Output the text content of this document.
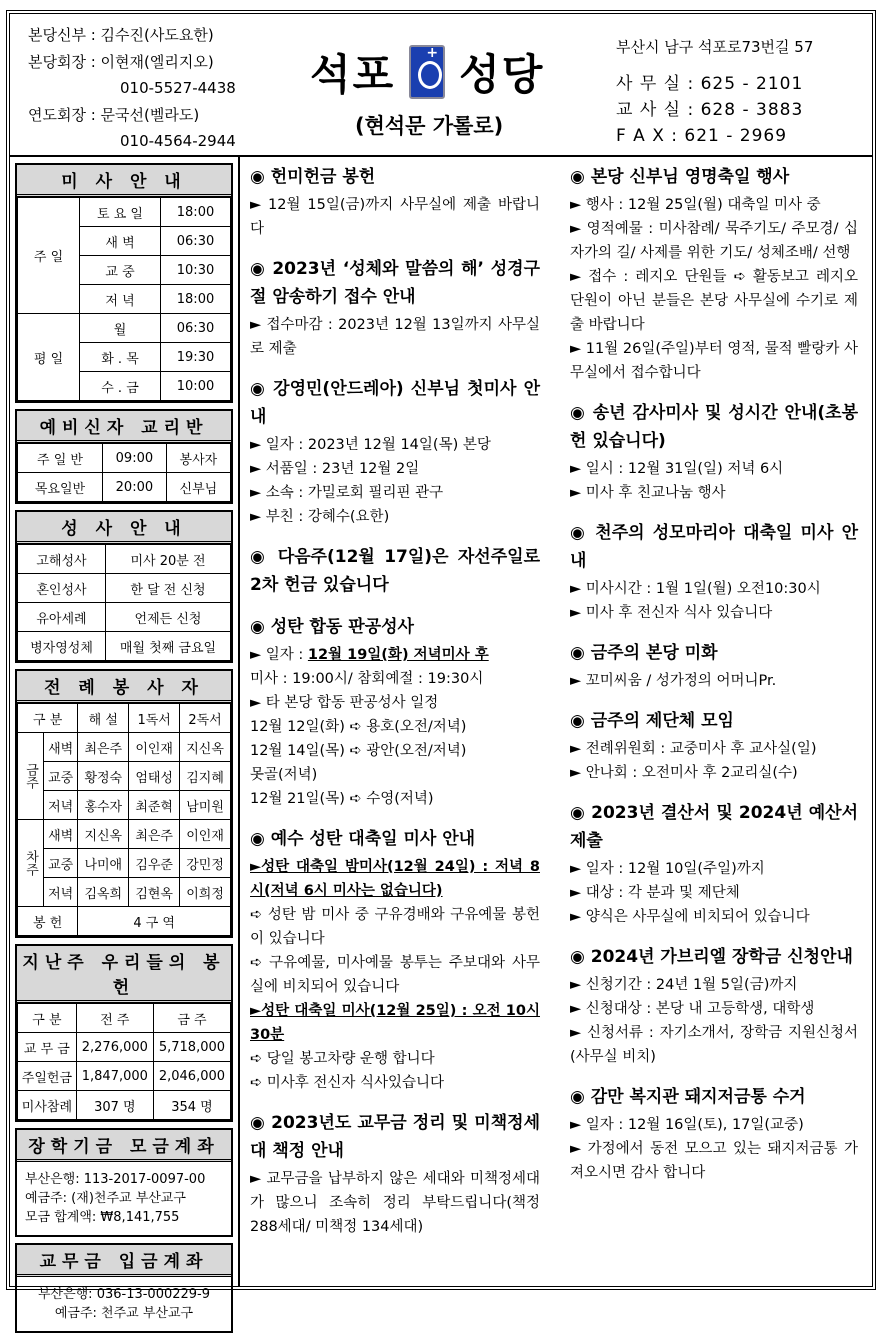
본당신부 : 김수진(사도요한)
본당회장 : 이현재(엘리지오)
010-5527-4438
연도회장 : 문국선(벨라도)
010-4564-2944
석포 + 성당
(현석문 가롤로)
부산시 남구 석포로73번길 57
사 무 실 : 625 - 2101
교 사 실 : 628 - 3883
F A X : 621 - 2969
미 사 안 내
주 일	토 요 일	18:00
	새 벽	06:30
	교 중	10:30
	저 녁	18:00
평 일	월	06:30
	화 . 목	19:30
	수 . 금	10:00
예비신자 교리반
주 일 반	09:00	봉사자
목요일반	20:00	신부님
성 사 안 내
고해성사	미사 20분 전
혼인성사	한 달 전 신청
유아세례	언제든 신청
병자영성체	매월 첫째 금요일
전 례 봉 사 자
구 분		해 설	1독서	2독서
금주	새벽	최은주	이인재	지신옥
	교중	황정숙	엄태성	김지혜
	저녁	홍수자	최준혁	남미원
차주	새벽	지신옥	최은주	이인재
	교중	나미애	김우준	강민정
	저녁	김옥희	김현옥	이희정
봉 헌		4 구 역		
지난주 우리들의 봉헌
구 분	전 주	금 주
교 무 금	2,276,000	5,718,000
주일헌금	1,847,000	2,046,000
미사참례	307 명	354 명
장학기금 모금계좌
부산은행: 113-2017-0097-00
예금주: (재)천주교 부산교구
모금 합계액: ₩8,141,755
교무금 입금계좌
부산은행: 036-13-000229-9
예금주: 천주교 부산교구
◉ 헌미헌금 봉헌
► 12월 15일(금)까지 사무실에 제출 바랍니다
◉ 2023년 ‘성체와 말씀의 해’ 성경구절 암송하기 접수 안내
► 접수마감 : 2023년 12월 13일까지 사무실로 제출
◉ 강영민(안드레아) 신부님 첫미사 안내
► 일자 : 2023년 12월 14일(목) 본당
► 서품일 : 23년 12월 2일
► 소속 : 가밀로회 필리핀 관구
► 부친 : 강혜수(요한)
◉ 다음주(12월 17일)은 자선주일로 2차 헌금 있습니다
◉ 성탄 합동 판공성사
► 일자 : 12월 19일(화) 저녁미사 후
미사 : 19:00시/ 참회예절 : 19:30시
► 타 본당 합동 판공성사 일정
12월 12일(화) ➪ 용호(오전/저녁)
12월 14일(목) ➪ 광안(오전/저녁)
못골(저녁)
12월 21일(목) ➪ 수영(저녁)
◉ 예수 성탄 대축일 미사 안내
►성탄 대축일 밤미사(12월 24일) : 저녁 8시(저녁 6시 미사는 없습니다)
➪ 성탄 밤 미사 중 구유경배와 구유예물 봉헌이 있습니다
➪ 구유예물, 미사예물 봉투는 주보대와 사무실에 비치되어 있습니다
►성탄 대축일 미사(12월 25일) : 오전 10시 30분
➪ 당일 봉고차량 운행 합니다
➪ 미사후 전신자 식사있습니다
◉ 2023년도 교무금 정리 및 미책정세대 책정 안내
► 교무금을 납부하지 않은 세대와 미책정세대가 많으니 조속히 정리 부탁드립니다(책정 288세대/ 미책정 134세대)
◉ 본당 신부님 영명축일 행사
► 행사 : 12월 25일(월) 대축일 미사 중
► 영적예물 : 미사참례/ 묵주기도/ 주모경/ 십자가의 길/ 사제를 위한 기도/ 성체조배/ 선행
► 접수 : 레지오 단원들 ➪ 활동보고 레지오 단원이 아닌 분들은 본당 사무실에 수기로 제출 바랍니다
► 11월 26일(주일)부터 영적, 물적 빨랑카 사무실에서 접수합니다
◉ 송년 감사미사 및 성시간 안내(초봉헌 있습니다)
► 일시 : 12월 31일(일) 저녁 6시
► 미사 후 친교나눔 행사
◉ 천주의 성모마리아 대축일 미사 안내
► 미사시간 : 1월 1일(월) 오전10:30시
► 미사 후 전신자 식사 있습니다
◉ 금주의 본당 미화
► 꼬미씨움 / 성가정의 어머니Pr.
◉ 금주의 제단체 모임
► 전례위원회 : 교중미사 후 교사실(일)
► 안나회 : 오전미사 후 2교리실(수)
◉ 2023년 결산서 및 2024년 예산서 제출
► 일자 : 12월 10일(주일)까지
► 대상 : 각 분과 및 제단체
► 양식은 사무실에 비치되어 있습니다
◉ 2024년 가브리엘 장학금 신청안내
► 신청기간 : 24년 1월 5일(금)까지
► 신청대상 : 본당 내 고등학생, 대학생
► 신청서류 : 자기소개서, 장학금 지원신청서(사무실 비치)
◉ 감만 복지관 돼지저금통 수거
► 일자 : 12월 16일(토), 17일(교중)
► 가정에서 동전 모으고 있는 돼지저금통 가져오시면 감사 합니다
